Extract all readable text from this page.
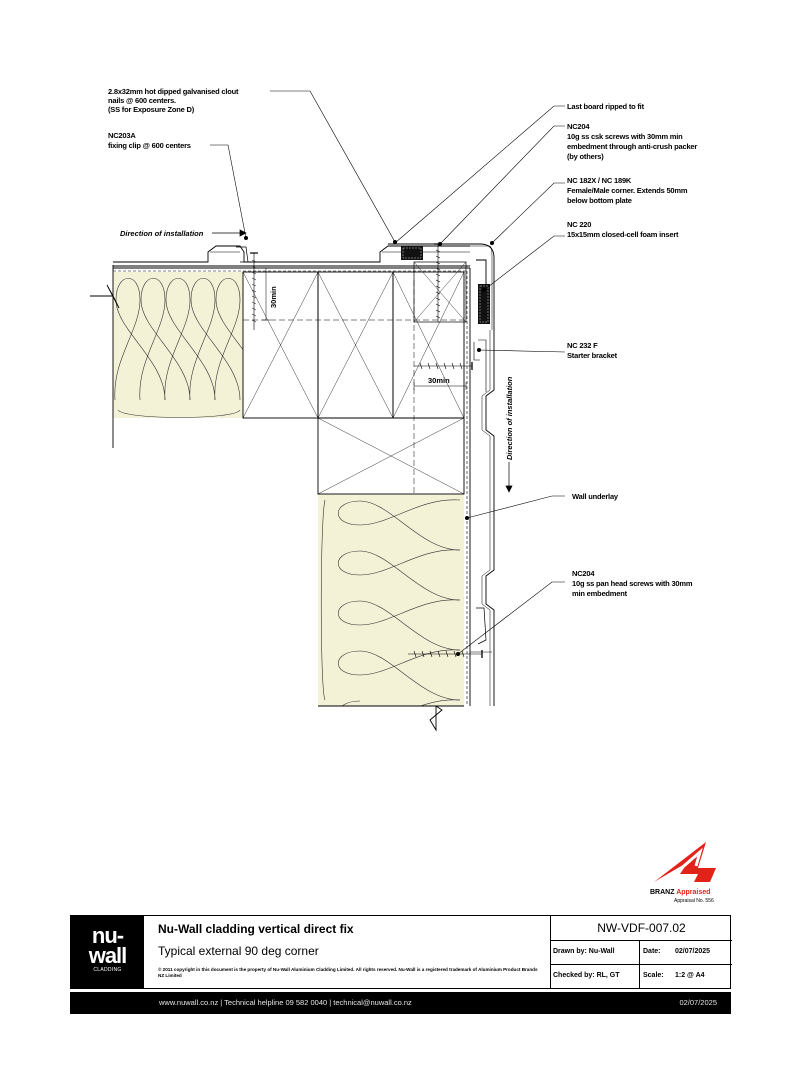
30min
30min
Direction of installation
Direction of installation
2.8x32mm hot dipped galvanised clout nails @ 600 centers. (SS for Exposure Zone D)
NC203A fixing clip @ 600 centers
Last board ripped to fit
NC204 10g ss csk screws with 30mm min embedment through anti-crush packer (by others)
NC 182X / NC 189K Female/Male corner. Extends 50mm below bottom plate
NC 220 15x15mm closed-cell foam insert
NC 232 F Starter bracket
Wall underlay
NC204 10g ss pan head screws with 30mm min embedment
BRANZ Appraised
Appraisal No. 556
nu-
wall
CLADDING
Nu-Wall cladding vertical direct fix
Typical external 90 deg corner
© 2011 copyright in this document is the property of Nu-Wall Aluminium Cladding Limited. All rights reserved. Nu-Wall is a registered trademark of Aluminium Product Brands NZ Limited
NW-VDF-007.02
Drawn by: Nu-Wall	Date: 02/07/2025
Checked by: RL, GT	Scale: 1:2 @ A4
www.nuwall.co.nz | Technical helpline 09 582 0040 | technical@nuwall.co.nz	02/07/2025
